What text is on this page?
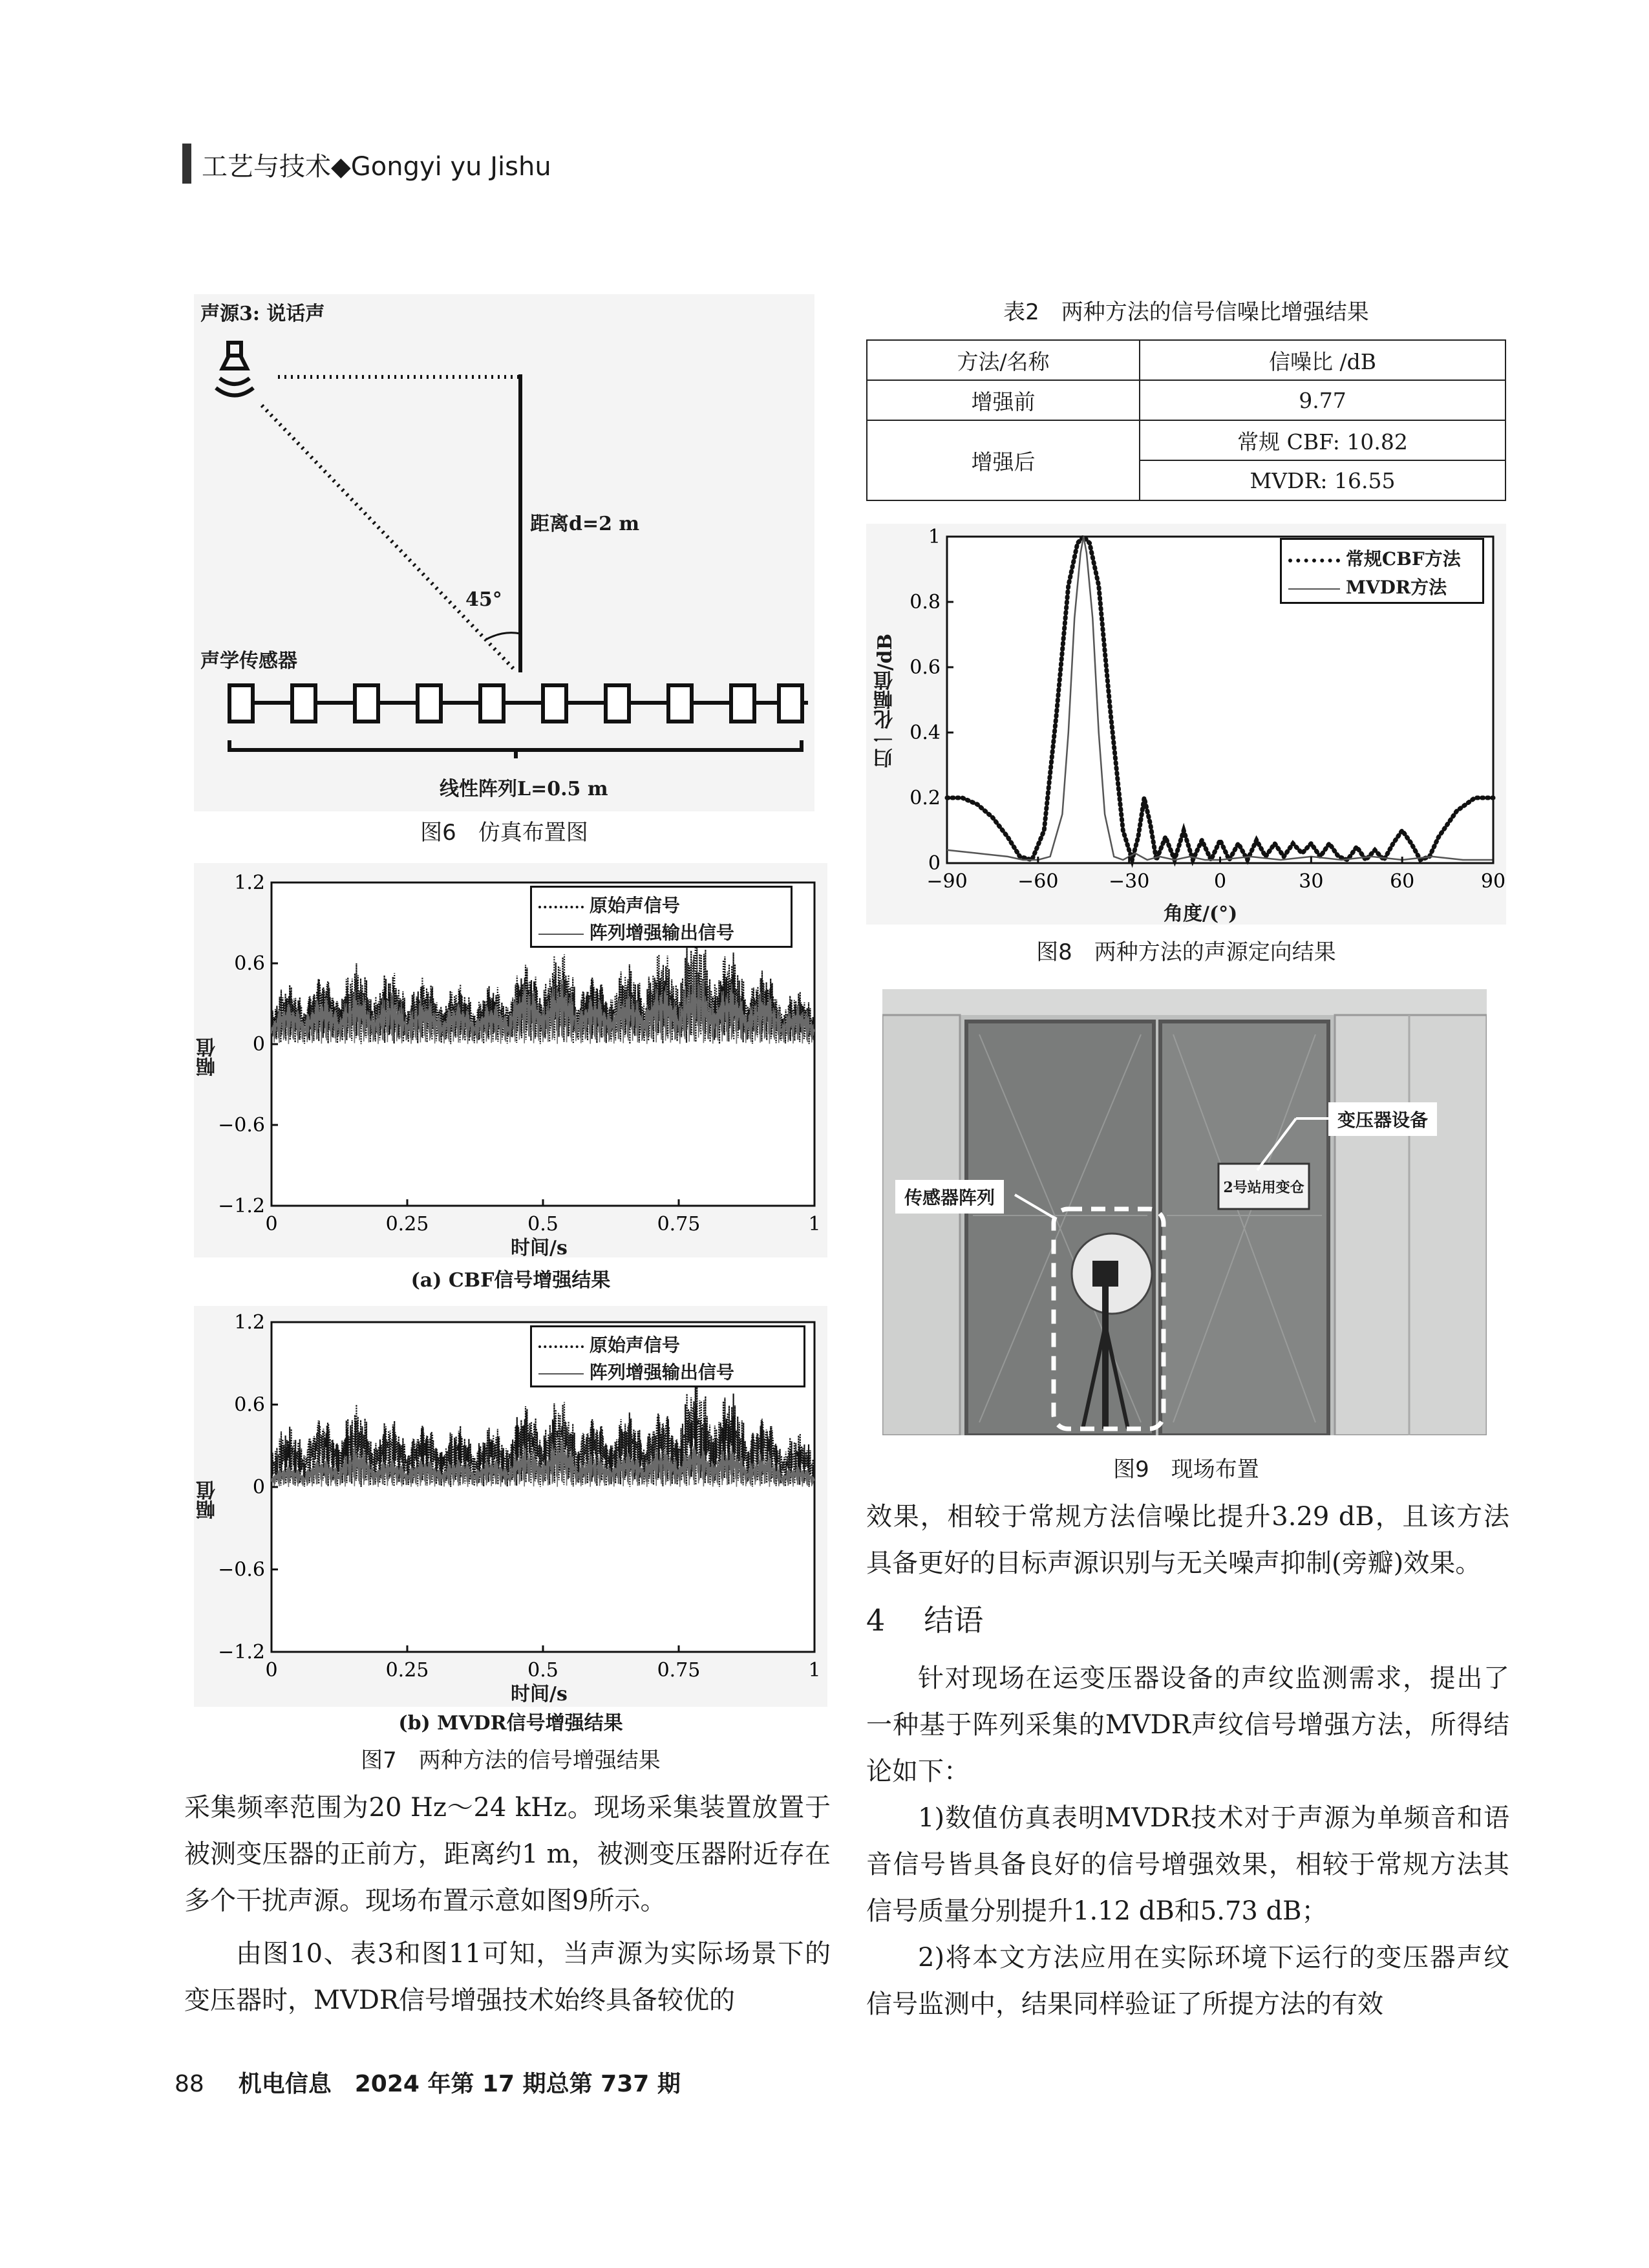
工艺与技术◆Gongyi yu Jishu
声源3: 说话声
距离d=2 m
45°
声学传感器
线性阵列L=0.5 m
图6　仿真布置图
0	0.25	0.5	0.75	1
1.2
0.6
0
−0.6
−1.2
幅值
时间/s
原始声信号
阵列增强输出信号
(a) CBF信号增强结果
0	0.25	0.5	0.75	1
1.2
0.6
0
−0.6
−1.2
幅值
时间/s
原始声信号
阵列增强输出信号
(b) MVDR信号增强结果
图7　两种方法的信号增强结果

采集频率范围为20 Hz～24 kHz。现场采集装置放置于被测变压器的正前方，距离约1 m，被测变压器附近存在多个干扰声源。现场布置示意如图9所示。

由图10、表3和图11可知，当声源为实际场景下的变压器时，MVDR信号增强技术始终具备较优的

表2　两种方法的信号信噪比增强结果
方法/名称	信噪比 /dB
增强前	9.77
增强后	常规 CBF: 10.82
	MVDR: 16.55
−90	−60	−30	0	30	60	90
0
0.2
0.4
0.6
0.8
1
归一化幅值/dB
角度/(°)
常规CBF方法
MVDR方法
图8　两种方法的声源定向结果
2号站用变仓
变压器设备
传感器阵列
图9　现场布置

效果，相较于常规方法信噪比提升3.29 dB，且该方法具备更好的目标声源识别与无关噪声抑制(旁瓣)效果。

4 结语

针对现场在运变压器设备的声纹监测需求，提出了一种基于阵列采集的MVDR声纹信号增强方法，所得结论如下：

1)数值仿真表明MVDR技术对于声源为单频音和语音信号皆具备良好的信号增强效果，相较于常规方法其信号质量分别提升1.12 dB和5.73 dB；

2)将本文方法应用在实际环境下运行的变压器声纹信号监测中，结果同样验证了所提方法的有效

88 机电信息　2024 年第 17 期总第 737 期
